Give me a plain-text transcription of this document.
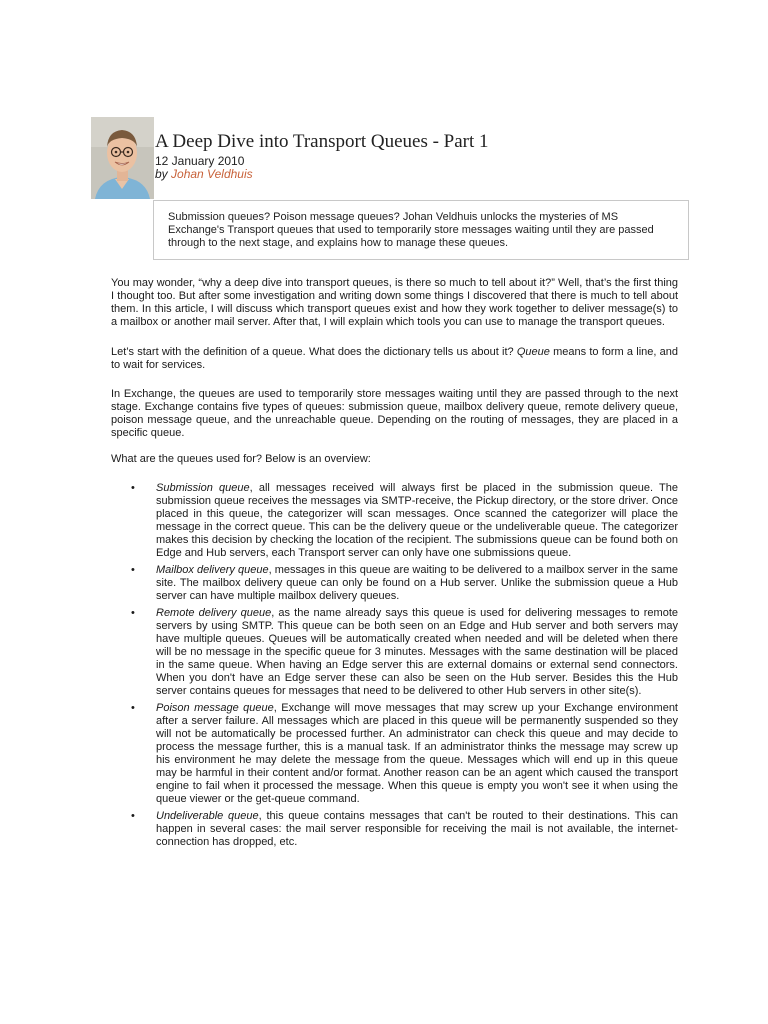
A Deep Dive into Transport Queues - Part 1
12 January 2010
by Johan Veldhuis
Submission queues? Poison message queues? Johan Veldhuis unlocks the mysteries of MS Exchange's Transport queues that used to temporarily store messages waiting until they are passed through to the next stage, and explains how to manage these queues.

You may wonder, “why a deep dive into transport queues, is there so much to tell about it?” Well, that’s the first thing I thought too. But after some investigation and writing down some things I discovered that there is much to tell about them. In this article, I will discuss which transport queues exist and how they work together to deliver message(s) to a mailbox or another mail server. After that, I will explain which tools you can use to manage the transport queues.

Let’s start with the definition of a queue. What does the dictionary tells us about it? Queue means to form a line, and to wait for services.

In Exchange, the queues are used to temporarily store messages waiting until they are passed through to the next stage. Exchange contains five types of queues: submission queue, mailbox delivery queue, remote delivery queue, poison message queue, and the unreachable queue. Depending on the routing of messages, they are placed in a specific queue.

What are the queues used for? Below is an overview:

• Submission queue, all messages received will always first be placed in the submission queue. The submission queue receives the messages via SMTP-receive, the Pickup directory, or the store driver. Once placed in this queue, the categorizer will scan messages. Once scanned the categorizer will place the message in the correct queue. This can be the delivery queue or the undeliverable queue. The categorizer makes this decision by checking the location of the recipient. The submissions queue can be found both on Edge and Hub servers, each Transport server can only have one submissions queue.
• Mailbox delivery queue, messages in this queue are waiting to be delivered to a mailbox server in the same site. The mailbox delivery queue can only be found on a Hub server. Unlike the submission queue a Hub server can have multiple mailbox delivery queues.
• Remote delivery queue, as the name already says this queue is used for delivering messages to remote servers by using SMTP. This queue can be both seen on an Edge and Hub server and both servers may have multiple queues. Queues will be automatically created when needed and will be deleted when there will be no message in the specific queue for 3 minutes. Messages with the same destination will be placed in the same queue. When having an Edge server this are external domains or external send connectors. When you don't have an Edge server these can also be seen on the Hub server. Besides this the Hub server contains queues for messages that need to be delivered to other Hub servers in other site(s).
• Poison message queue, Exchange will move messages that may screw up your Exchange environment after a server failure. All messages which are placed in this queue will be permanently suspended so they will not be automatically be processed further. An administrator can check this queue and may decide to process the message further, this is a manual task. If an administrator thinks the message may screw up his environment he may delete the message from the queue. Messages which will end up in this queue may be harmful in their content and/or format. Another reason can be an agent which caused the transport engine to fail when it processed the message. When this queue is empty you won't see it when using the queue viewer or the get-queue command.
• Undeliverable queue, this queue contains messages that can't be routed to their destinations. This can happen in several cases: the mail server responsible for receiving the mail is not available, the internet-connection has dropped, etc.
